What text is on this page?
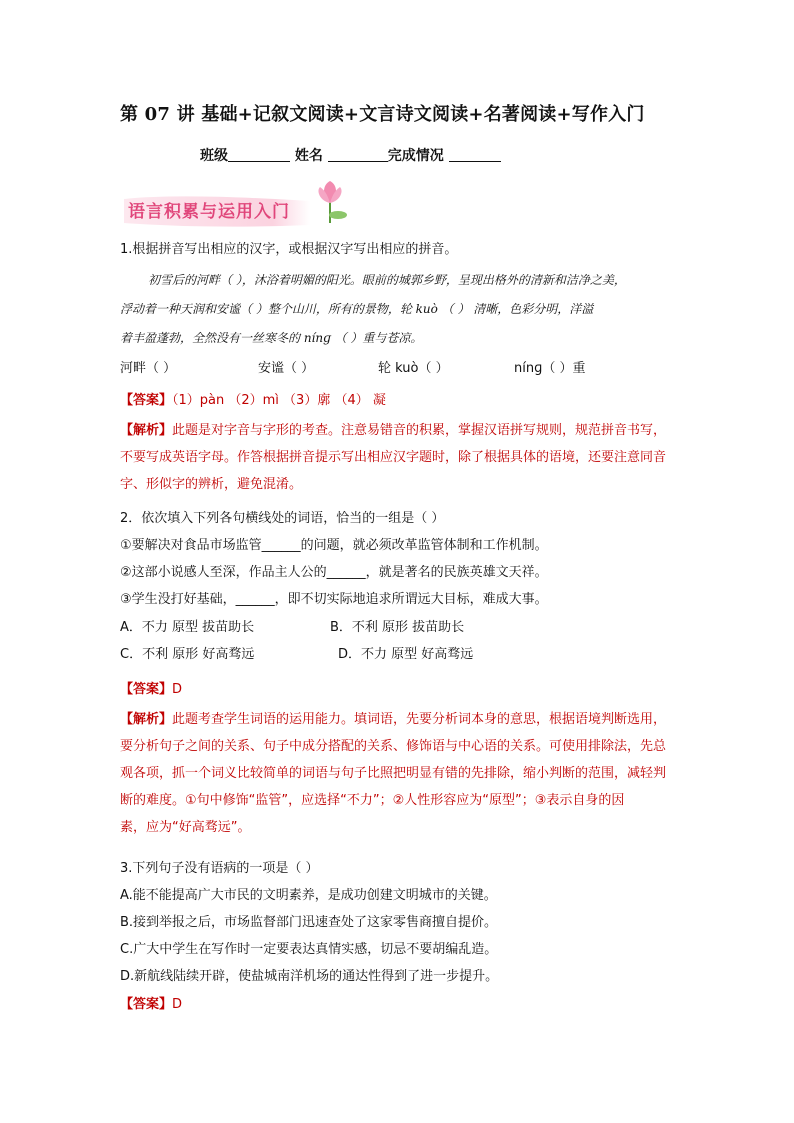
第 07 讲 基础+记叙文阅读+文言诗文阅读+名著阅读+写作入门
班级	姓名	完成情况
语言积累与运用入门
1.根据拼音写出相应的汉字，或根据汉字写出相应的拼音。
初雪后的河畔（ ），沐浴着明媚的阳光。眼前的城郭乡野，呈现出格外的清新和洁净之美，
浮动着一种天润和安谧（ ）整个山川，所有的景物，轮 kuò （ ） 清晰，色彩分明，洋溢
着丰盈蓬勃，全然没有一丝寒冬的 nínɡ （ ）重与苍凉。
河畔（ ）	安谧（ ）	轮 kuò（ ）	nínɡ（ ）重
【答案】（1）pàn （2）mì （3）廓 （4） 凝
【解析】此题是对字音与字形的考查。注意易错音的积累，掌握汉语拼写规则，规范拼音书写，
不要写成英语字母。作答根据拼音提示写出相应汉字题时，除了根据具体的语境，还要注意同音
字、形似字的辨析，避免混淆。
2．依次填入下列各句横线处的词语，恰当的一组是（ ）
①要解决对食品市场监管______的问题，就必须改革监管体制和工作机制。
②这部小说感人至深，作品主人公的______，就是著名的民族英雄文天祥。
③学生没打好基础，______，即不切实际地追求所谓远大目标，难成大事。
A．不力 原型 拔苗助长	B．不利 原形 拔苗助长
C．不利 原形 好高骛远	D．不力 原型 好高骛远
【答案】D
【解析】此题考查学生词语的运用能力。填词语，先要分析词本身的意思，根据语境判断选用，
要分析句子之间的关系、句子中成分搭配的关系、修饰语与中心语的关系。可使用排除法，先总
观各项，抓一个词义比较简单的词语与句子比照把明显有错的先排除，缩小判断的范围，减轻判
断的难度。①句中修饰“监管”，应选择“不力”；②人性形容应为“原型”；③表示自身的因
素，应为“好高骛远”。
3.下列句子没有语病的一项是（ ）
A.能不能提高广大市民的文明素养，是成功创建文明城市的关键。
B.接到举报之后，市场监督部门迅速查处了这家零售商擅自提价。
C.广大中学生在写作时一定要表达真情实感，切忌不要胡编乱造。
D.新航线陆续开辟，使盐城南洋机场的通达性得到了进一步提升。
【答案】D
